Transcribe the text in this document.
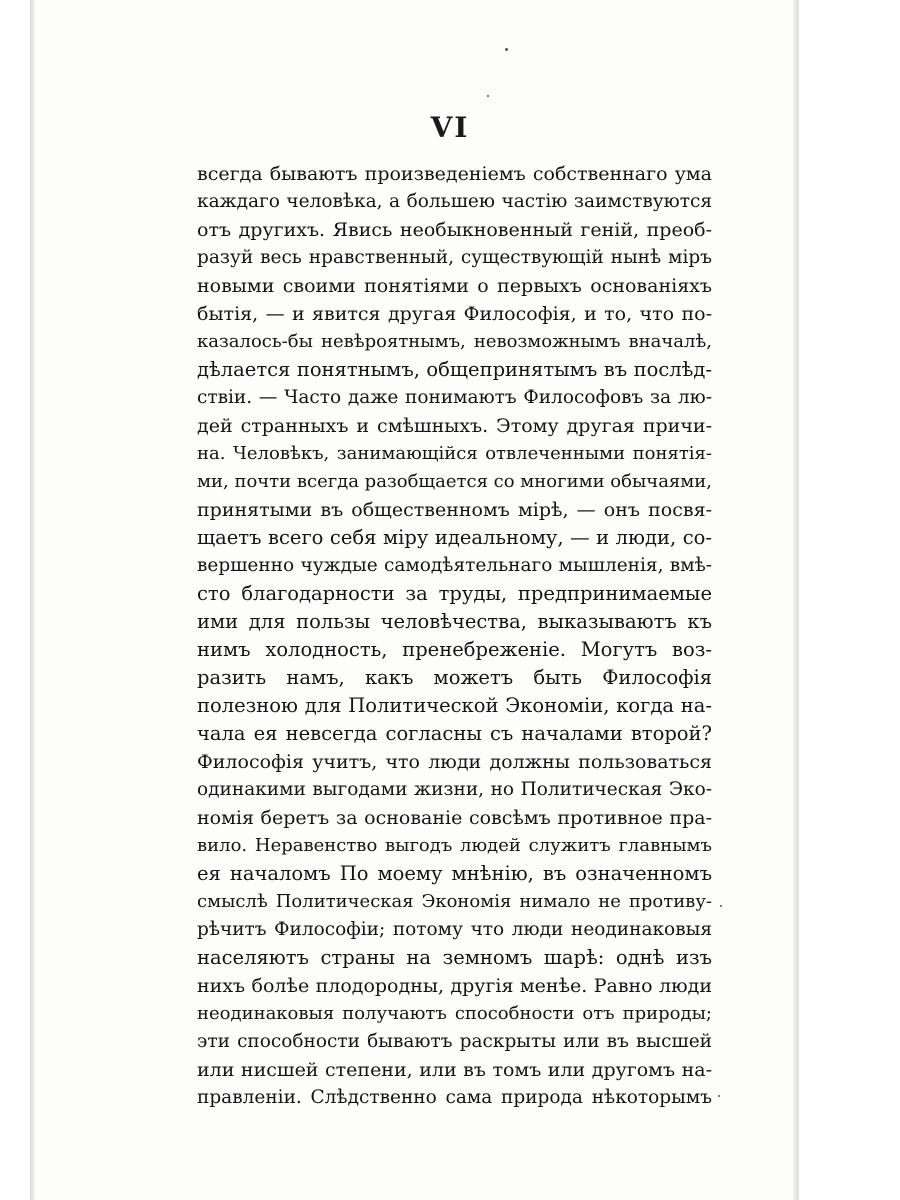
VI
всегда бываютъ произведеніемъ собственнаго ума
каждаго человѣка, а большею частію заимствуются
отъ другихъ. Явись необыкновенный геній, преоб-
разуй весь нравственный, существующій нынѣ міръ
новыми своими понятіями о первыхъ основаніяхъ
бытія, — и явится другая Философія, и то, что по-
казалось-бы невѣроятнымъ, невозможнымъ вначалѣ,
дѣлается понятнымъ, общепринятымъ въ послѣд-
ствіи. — Часто даже понимаютъ Философовъ за лю-
дей странныхъ и смѣшныхъ. Этому другая причи-
на. Человѣкъ, занимающійся отвлеченными понятія-
ми, почти всегда разобщается со многими обычаями,
принятыми въ общественномъ мірѣ, — онъ посвя-
щаетъ всего себя міру идеальному, — и люди, со-
вершенно чуждые самодѣятельнаго мышленія, вмѣ-
сто благодарности за труды, предпринимаемые
ими для пользы человѣчества, выказываютъ къ
нимъ холодность, пренебреженіе. Могутъ воз-
разить намъ, какъ можетъ быть Философія
полезною для Политической Экономіи, когда на-
чала ея невсегда согласны съ началами второй?
Философія учитъ, что люди должны пользоваться
одинакими выгодами жизни, но Политическая Эко-
номія беретъ за основаніе совсѣмъ противное пра-
вило. Неравенство выгодъ людей служитъ главнымъ
ея началомъ По моему мнѣнію, въ означенномъ
смыслѣ Политическая Экономія нимало не противу-
рѣчитъ Философіи; потому что люди неодинаковыя
населяютъ страны на земномъ шарѣ: однѣ изъ
нихъ болѣе плодородны, другія менѣе. Равно люди
неодинаковыя получаютъ способности отъ природы;
эти способности бываютъ раскрыты или въ высшей
или нисшей степени, или въ томъ или другомъ на-
правленіи. Слѣдственно сама природа нѣкоторымъ
